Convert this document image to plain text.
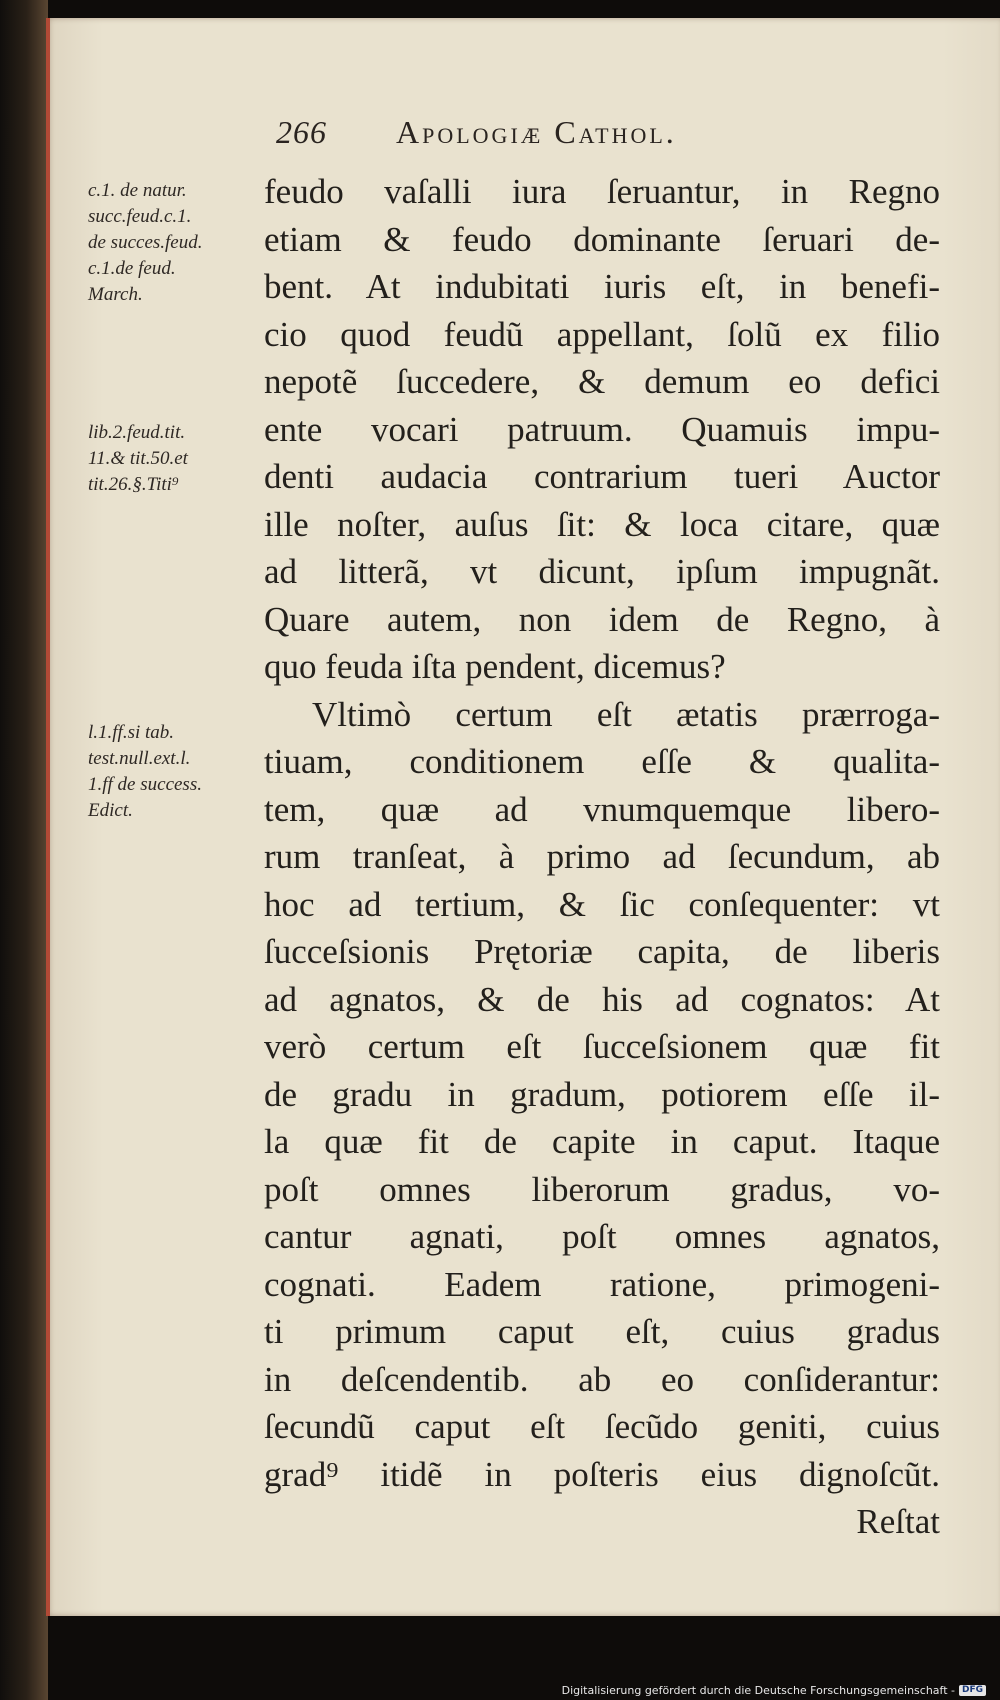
266 Apologiæ Cathol.
c.1. de natur.
succ.feud.c.1.
de succes.feud.
c.1.de feud.
March.
lib.2.feud.tit.
11.& tit.50.et
tit.26.§.Titi⁹
l.1.ff.si tab.
test.null.ext.l.
1.ff de success.
Edict.
feudo vaſalli iura ſeruantur, in Regno
etiam & feudo dominante ſeruari de-
bent. At indubitati iuris eſt, in benefi-
cio quod feudũ appellant, ſolũ ex filio
nepotẽ ſuccedere, & demum eo defici
ente vocari patruum. Quamuis impu-
denti audacia contrarium tueri Auctor
ille noſter, auſus ſit: & loca citare, quæ
ad litterã, vt dicunt, ipſum impugnãt.
Quare autem, non idem de Regno, à
quo feuda iſta pendent, dicemus?
Vltimò certum eſt ætatis prærroga-
tiuam, conditionem eſſe & qualita-
tem, quæ ad vnumquemque libero-
rum tranſeat, à primo ad ſecundum, ab
hoc ad tertium, & ſic conſequenter: vt
ſucceſsionis Prętoriæ capita, de liberis
ad agnatos, & de his ad cognatos: At
verò certum eſt ſucceſsionem quæ fit
de gradu in gradum, potiorem eſſe il-
la quæ fit de capite in caput. Itaque
poſt omnes liberorum gradus, vo-
cantur agnati, poſt omnes agnatos,
cognati. Eadem ratione, primogeni-
ti primum caput eſt, cuius gradus
in deſcendentib. ab eo conſiderantur:
ſecundũ caput eſt ſecũdo geniti, cuius
grad⁹ itidẽ in poſteris eius dignoſcũt.
Reſtat
Digitalisierung gefördert durch die Deutsche Forschungsgemeinschaft - DFG
